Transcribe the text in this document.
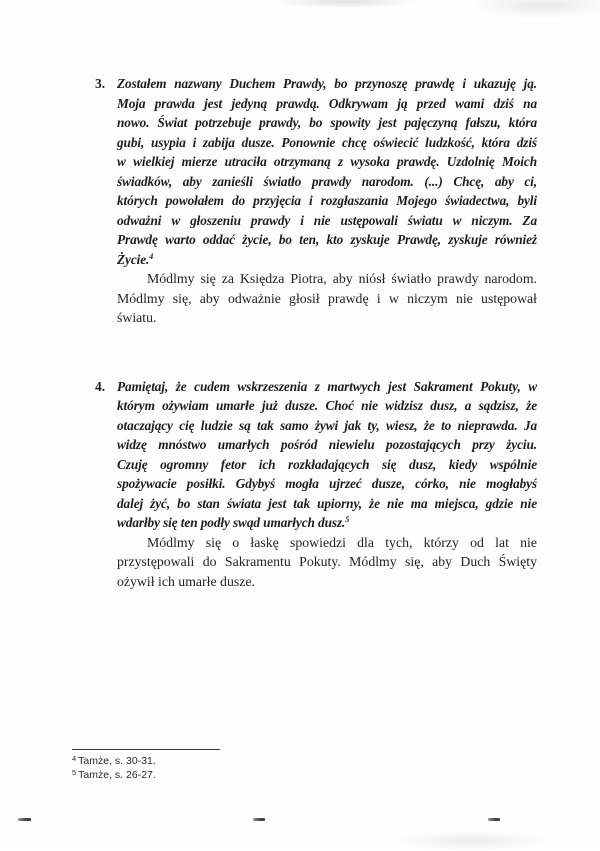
3. Zostałem nazwany Duchem Prawdy, bo przynoszę prawdę i ukazuję ją.
Moja prawda jest jedyną prawdą. Odkrywam ją przed wami dziś na
nowo. Świat potrzebuje prawdy, bo spowity jest pajęczyną fałszu, która
gubi, usypia i zabija dusze. Ponownie chcę oświecić ludzkość, która dziś
w wielkiej mierze utraciła otrzymaną z wysoka prawdę. Uzdolnię Moich
świadków, aby zanieśli światło prawdy narodom. (...) Chcę, aby ci,
których powołałem do przyjęcia i rozgłaszania Mojego świadectwa, byli
odważni w głoszeniu prawdy i nie ustępowali światu w niczym. Za
Prawdę warto oddać życie, bo ten, kto zyskuje Prawdę, zyskuje również
Życie.$^4$
Módlmy się za Księdza Piotra, aby niósł światło prawdy narodom.
Módlmy się, aby odważnie głosił prawdę i w niczym nie ustępował
światu.
4. Pamiętaj, że cudem wskrzeszenia z martwych jest Sakrament Pokuty, w
którym ożywiam umarłe już dusze. Choć nie widzisz dusz, a sądzisz, że
otaczający cię ludzie są tak samo żywi jak ty, wiesz, że to nieprawda. Ja
widzę mnóstwo umarłych pośród niewielu pozostających przy życiu.
Czuję ogromny fetor ich rozkładających się dusz, kiedy wspólnie
spożywacie posiłki. Gdybyś mogła ujrzeć dusze, córko, nie mogłabyś
dalej żyć, bo stan świata jest tak upiorny, że nie ma miejsca, gdzie nie
wdarłby się ten podły swąd umarłych dusz.$^5$
Módlmy się o łaskę spowiedzi dla tych, którzy od lat nie
przystępowali do Sakramentu Pokuty. Módlmy się, aby Duch Święty
ożywił ich umarłe dusze.
$^4$ Tamże, s. 30-31.
$^5$ Tamże, s. 26-27.
